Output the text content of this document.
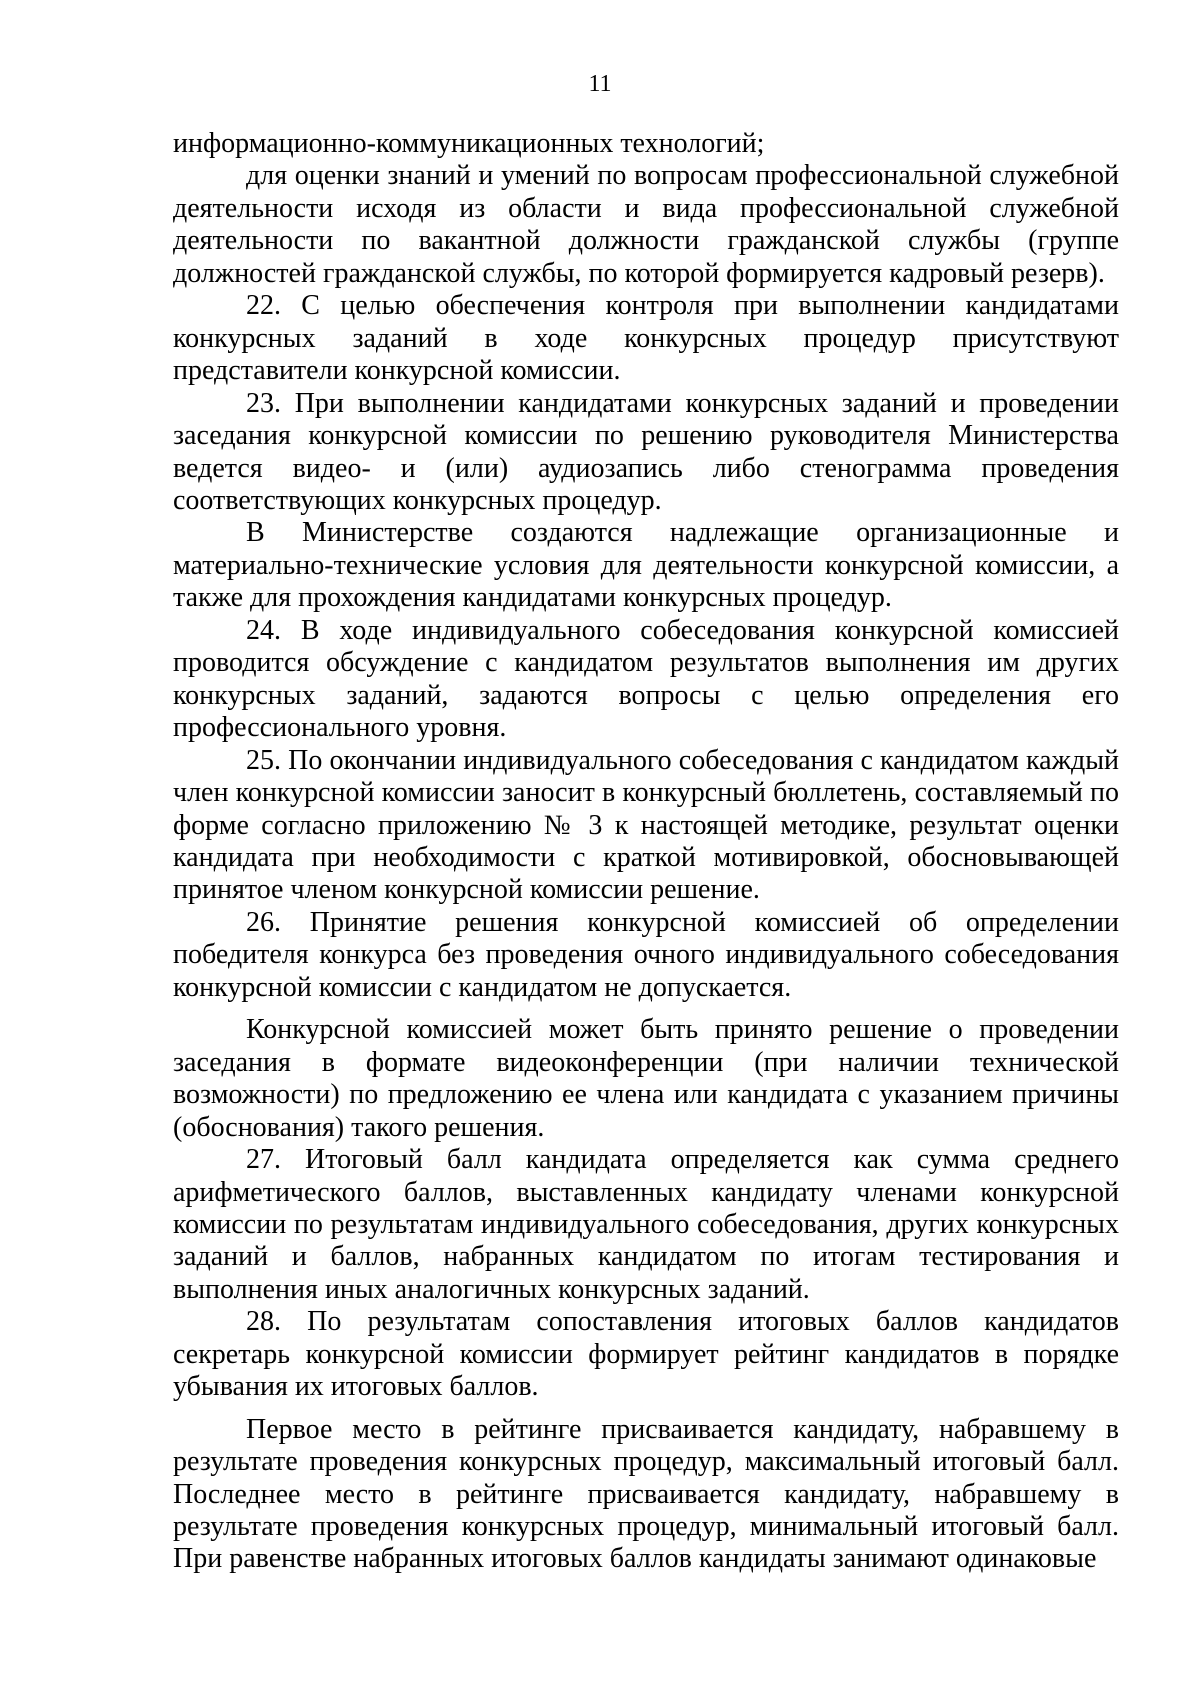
11

информационно-коммуникационных технологий;

для оценки знаний и умений по вопросам профессиональной служебной деятельности исходя из области и вида профессиональной служебной деятельности по вакантной должности гражданской службы (группе должностей гражданской службы, по которой формируется кадровый резерв).

22. С целью обеспечения контроля при выполнении кандидатами конкурсных заданий в ходе конкурсных процедур присутствуют представители конкурсной комиссии.

23. При выполнении кандидатами конкурсных заданий и проведении заседания конкурсной комиссии по решению руководителя Министерства ведется видео- и (или) аудиозапись либо стенограмма проведения соответствующих конкурсных процедур.

В Министерстве создаются надлежащие организационные и материально-технические условия для деятельности конкурсной комиссии, а также для прохождения кандидатами конкурсных процедур.

24. В ходе индивидуального собеседования конкурсной комиссией проводится обсуждение с кандидатом результатов выполнения им других конкурсных заданий, задаются вопросы с целью определения его профессионального уровня.

25. По окончании индивидуального собеседования с кандидатом каждый член конкурсной комиссии заносит в конкурсный бюллетень, составляемый по форме согласно приложению № 3 к настоящей методике, результат оценки кандидата при необходимости с краткой мотивировкой, обосновывающей принятое членом конкурсной комиссии решение.

26. Принятие решения конкурсной комиссией об определении победителя конкурса без проведения очного индивидуального собеседования конкурсной комиссии с кандидатом не допускается.

Конкурсной комиссией может быть принято решение о проведении заседания в формате видеоконференции (при наличии технической возможности) по предложению ее члена или кандидата с указанием причины (обоснования) такого решения.

27. Итоговый балл кандидата определяется как сумма среднего арифметического баллов, выставленных кандидату членами конкурсной комиссии по результатам индивидуального собеседования, других конкурсных заданий и баллов, набранных кандидатом по итогам тестирования и выполнения иных аналогичных конкурсных заданий.

28. По результатам сопоставления итоговых баллов кандидатов секретарь конкурсной комиссии формирует рейтинг кандидатов в порядке убывания их итоговых баллов.

Первое место в рейтинге присваивается кандидату, набравшему в результате проведения конкурсных процедур, максимальный итоговый балл. Последнее место в рейтинге присваивается кандидату, набравшему в результате проведения конкурсных процедур, минимальный итоговый балл. При равенстве набранных итоговых баллов кандидаты занимают одинаковые
